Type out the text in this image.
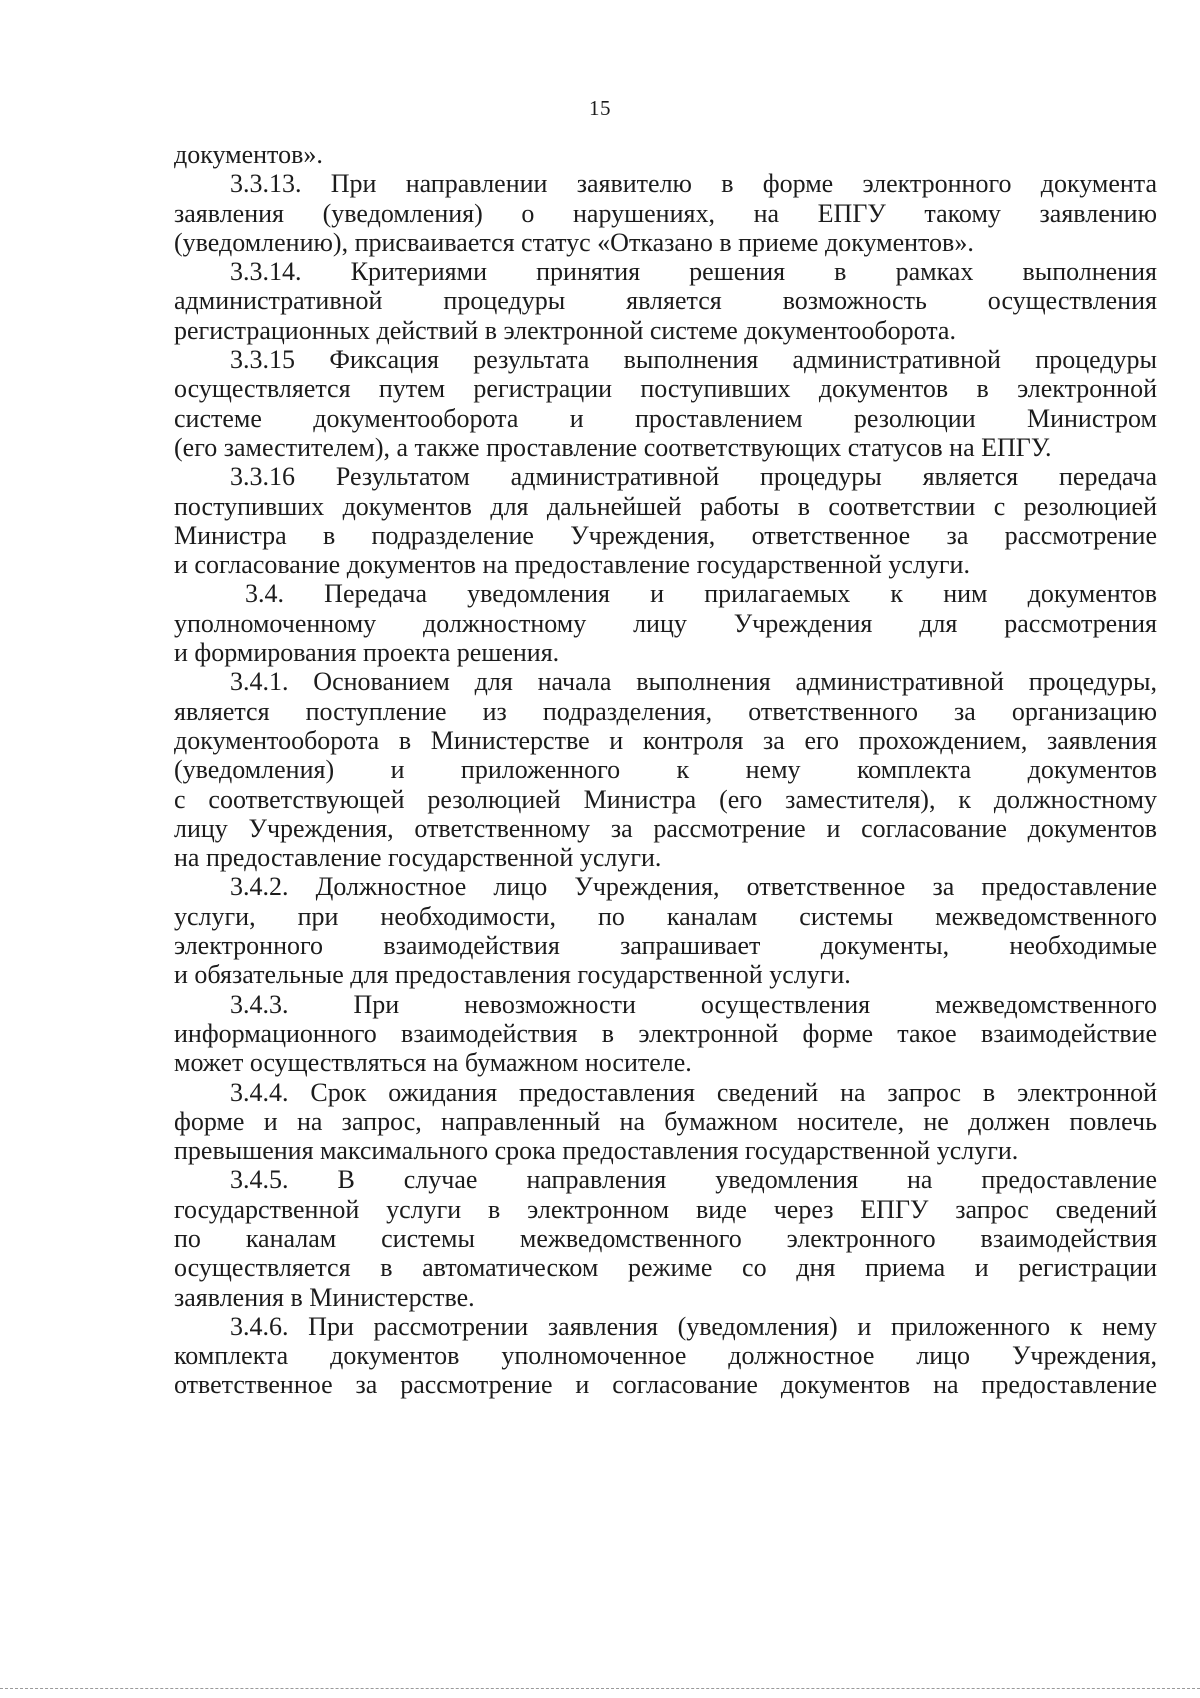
15
документов».
3.3.13. При направлении заявителю в форме электронного документа
заявления (уведомления) о нарушениях, на ЕПГУ такому заявлению
(уведомлению), присваивается статус «Отказано в приеме документов».
3.3.14. Критериями принятия решения в рамках выполнения
административной процедуры является возможность осуществления
регистрационных действий в электронной системе документооборота.
3.3.15 Фиксация результата выполнения административной процедуры
осуществляется путем регистрации поступивших документов в электронной
системе документооборота и проставлением резолюции Министром
(его заместителем), а также проставление соответствующих статусов на ЕПГУ.
3.3.16 Результатом административной процедуры является передача
поступивших документов для дальнейшей работы в соответствии с резолюцией
Министра в подразделение Учреждения, ответственное за рассмотрение
и согласование документов на предоставление государственной услуги.
3.4. Передача уведомления и прилагаемых к ним документов
уполномоченному должностному лицу Учреждения для рассмотрения
и формирования проекта решения.
3.4.1. Основанием для начала выполнения административной процедуры,
является поступление из подразделения, ответственного за организацию
документооборота в Министерстве и контроля за его прохождением, заявления
(уведомления) и приложенного к нему комплекта документов
с соответствующей резолюцией Министра (его заместителя), к должностному
лицу Учреждения, ответственному за рассмотрение и согласование документов
на предоставление государственной услуги.
3.4.2. Должностное лицо Учреждения, ответственное за предоставление
услуги, при необходимости, по каналам системы межведомственного
электронного взаимодействия запрашивает документы, необходимые
и обязательные для предоставления государственной услуги.
3.4.3. При невозможности осуществления межведомственного
информационного взаимодействия в электронной форме такое взаимодействие
может осуществляться на бумажном носителе.
3.4.4. Срок ожидания предоставления сведений на запрос в электронной
форме и на запрос, направленный на бумажном носителе, не должен повлечь
превышения максимального срока предоставления государственной услуги.
3.4.5. В случае направления уведомления на предоставление
государственной услуги в электронном виде через ЕПГУ запрос сведений
по каналам системы межведомственного электронного взаимодействия
осуществляется в автоматическом режиме со дня приема и регистрации
заявления в Министерстве.
3.4.6. При рассмотрении заявления (уведомления) и приложенного к нему
комплекта документов уполномоченное должностное лицо Учреждения,
ответственное за рассмотрение и согласование документов на предоставление
